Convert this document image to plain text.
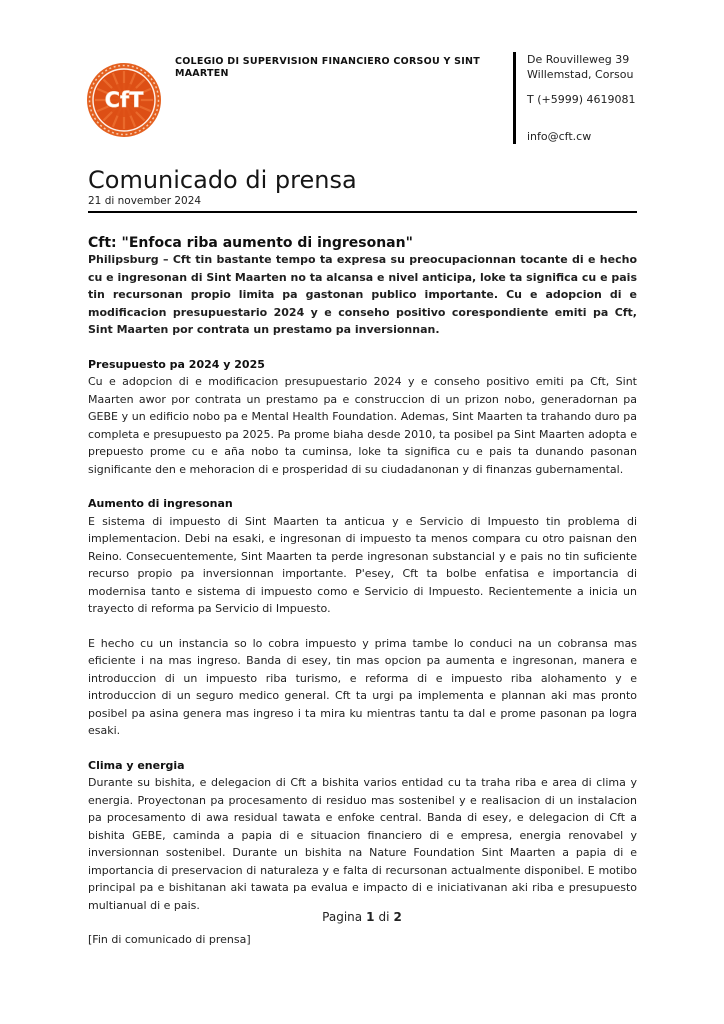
CfT
COLEGIO DI SUPERVISION FINANCIERO CORSOU Y SINT MAARTEN
De Rouvilleweg 39
Willemstad, Corsou
T (+5999) 4619081
info@cft.cw
Comunicado di prensa
21 di november 2024
Cft: "Enfoca riba aumento di ingresonan"

Philipsburg – Cft tin bastante tempo ta expresa su preocupacionnan tocante di e hecho cu e ingresonan di Sint Maarten no ta alcansa e nivel anticipa, loke ta significa cu e pais tin recursonan propio limita pa gastonan publico importante. Cu e adopcion di e modificacion presupuestario 2024 y e conseho positivo corespondiente emiti pa Cft, Sint Maarten por contrata un prestamo pa inversionnan.

Presupuesto pa 2024 y 2025

Cu e adopcion di e modificacion presupuestario 2024 y e conseho positivo emiti pa Cft, Sint Maarten awor por contrata un prestamo pa e construccion di un prizon nobo, generadornan pa GEBE y un edificio nobo pa e Mental Health Foundation. Ademas, Sint Maarten ta trahando duro pa completa e presupuesto pa 2025. Pa prome biaha desde 2010, ta posibel pa Sint Maarten adopta e prepuesto prome cu e aña nobo ta cuminsa, loke ta significa cu e pais ta dunando pasonan significante den e mehoracion di e prosperidad di su ciudadanonan y di finanzas gubernamental.

Aumento di ingresonan

E sistema di impuesto di Sint Maarten ta anticua y e Servicio di Impuesto tin problema di implementacion. Debi na esaki, e ingresonan di impuesto ta menos compara cu otro paisnan den Reino. Consecuentemente, Sint Maarten ta perde ingresonan substancial y e pais no tin suficiente recurso propio pa inversionnan importante. P'esey, Cft ta bolbe enfatisa e importancia di modernisa tanto e sistema di impuesto como e Servicio di Impuesto. Recientemente a inicia un trayecto di reforma pa Servicio di Impuesto.

E hecho cu un instancia so lo cobra impuesto y prima tambe lo conduci na un cobransa mas eficiente i na mas ingreso. Banda di esey, tin mas opcion pa aumenta e ingresonan, manera e introduccion di un impuesto riba turismo, e reforma di e impuesto riba alohamento y e introduccion di un seguro medico general. Cft ta urgi pa implementa e plannan aki mas pronto posibel pa asina genera mas ingreso i ta mira ku mientras tantu ta dal e prome pasonan pa logra esaki.

Clima y energia

Durante su bishita, e delegacion di Cft a bishita varios entidad cu ta traha riba e area di clima y energia. Proyectonan pa procesamento di residuo mas sostenibel y e realisacion di un instalacion pa procesamento di awa residual tawata e enfoke central. Banda di esey, e delegacion di Cft a bishita GEBE, caminda a papia di e situacion financiero di e empresa, energia renovabel y inversionnan sostenibel. Durante un bishita na Nature Foundation Sint Maarten a papia di e importancia di preservacion di naturaleza y e falta di recursonan actualmente disponibel. E motibo principal pa e bishitanan aki tawata pa evalua e impacto di e iniciativanan aki riba e presupuesto multianual di e pais.

[Fin di comunicado di prensa]

Pagina 1 di 2
